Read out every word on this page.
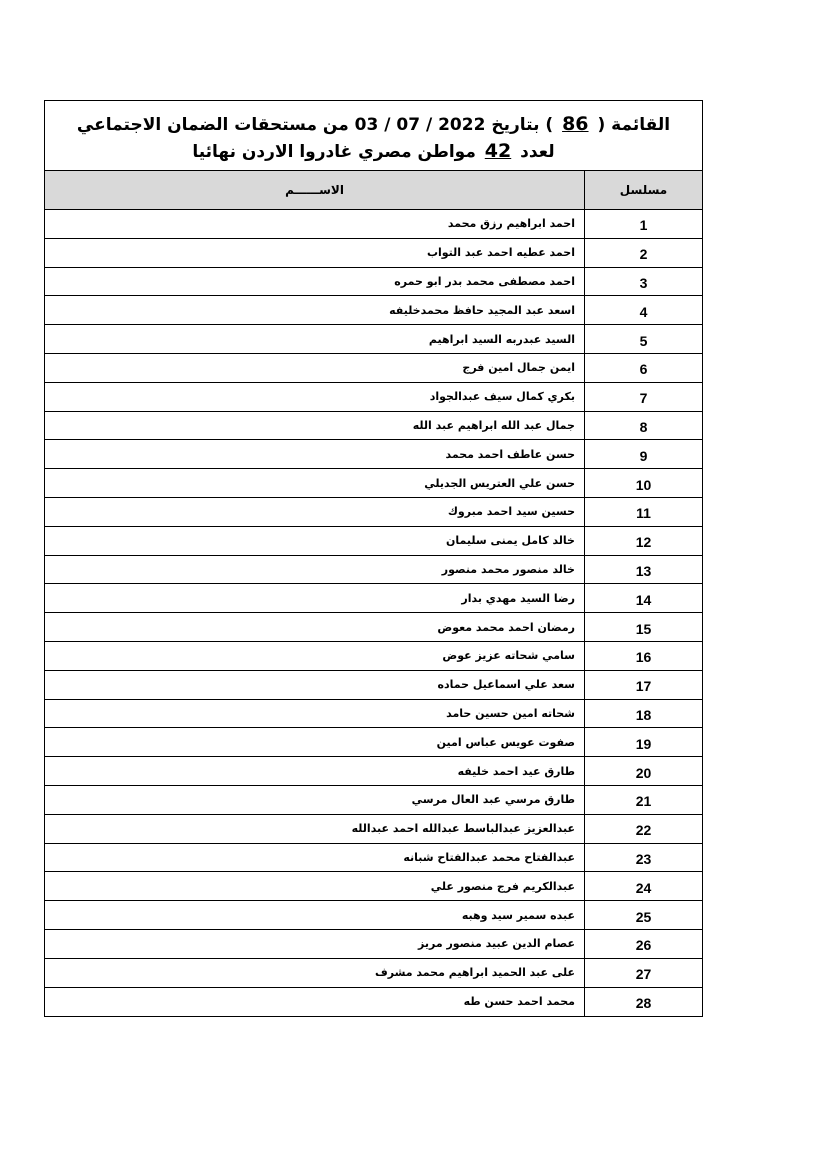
القائمة ( 86 ) بتاريخ 03 / 07 / 2022 من مستحقات الضمان الاجتماعي
لعدد 42 مواطن مصري غادروا الاردن نهائيا
مسلسل	الاســــــم
1	احمد ابراهيم رزق محمد
2	احمد عطيه احمد عبد التواب
3	احمد مصطفى محمد بدر ابو حمره
4	اسعد عبد المجيد حافظ محمدخليفه
5	السيد عبدربه السيد ابراهيم
6	ايمن جمال امين فرج
7	بكري كمال سيف عبدالجواد
8	جمال عبد الله ابراهيم عبد الله
9	حسن عاطف احمد محمد
10	حسن علي العتريس الجديلي
11	حسين سيد احمد مبروك
12	خالد كامل يمنى سليمان
13	خالد منصور محمد منصور
14	رضا السيد مهدي بدار
15	رمضان احمد محمد معوض
16	سامي شحاته عزيز عوض
17	سعد علي اسماعيل حماده
18	شحاته امين حسين حامد
19	صفوت عويس عباس امين
20	طارق عيد احمد خليفه
21	طارق مرسي عبد العال مرسي
22	عبدالعزيز عبدالباسط عبدالله احمد عبدالله
23	عبدالفتاح محمد عبدالفتاح شبانه
24	عبدالكريم فرج منصور علي
25	عبده سمير سيد وهبه
26	عصام الدين عبيد منصور مريز
27	على عبد الحميد ابراهيم محمد مشرف
28	محمد احمد حسن طه
